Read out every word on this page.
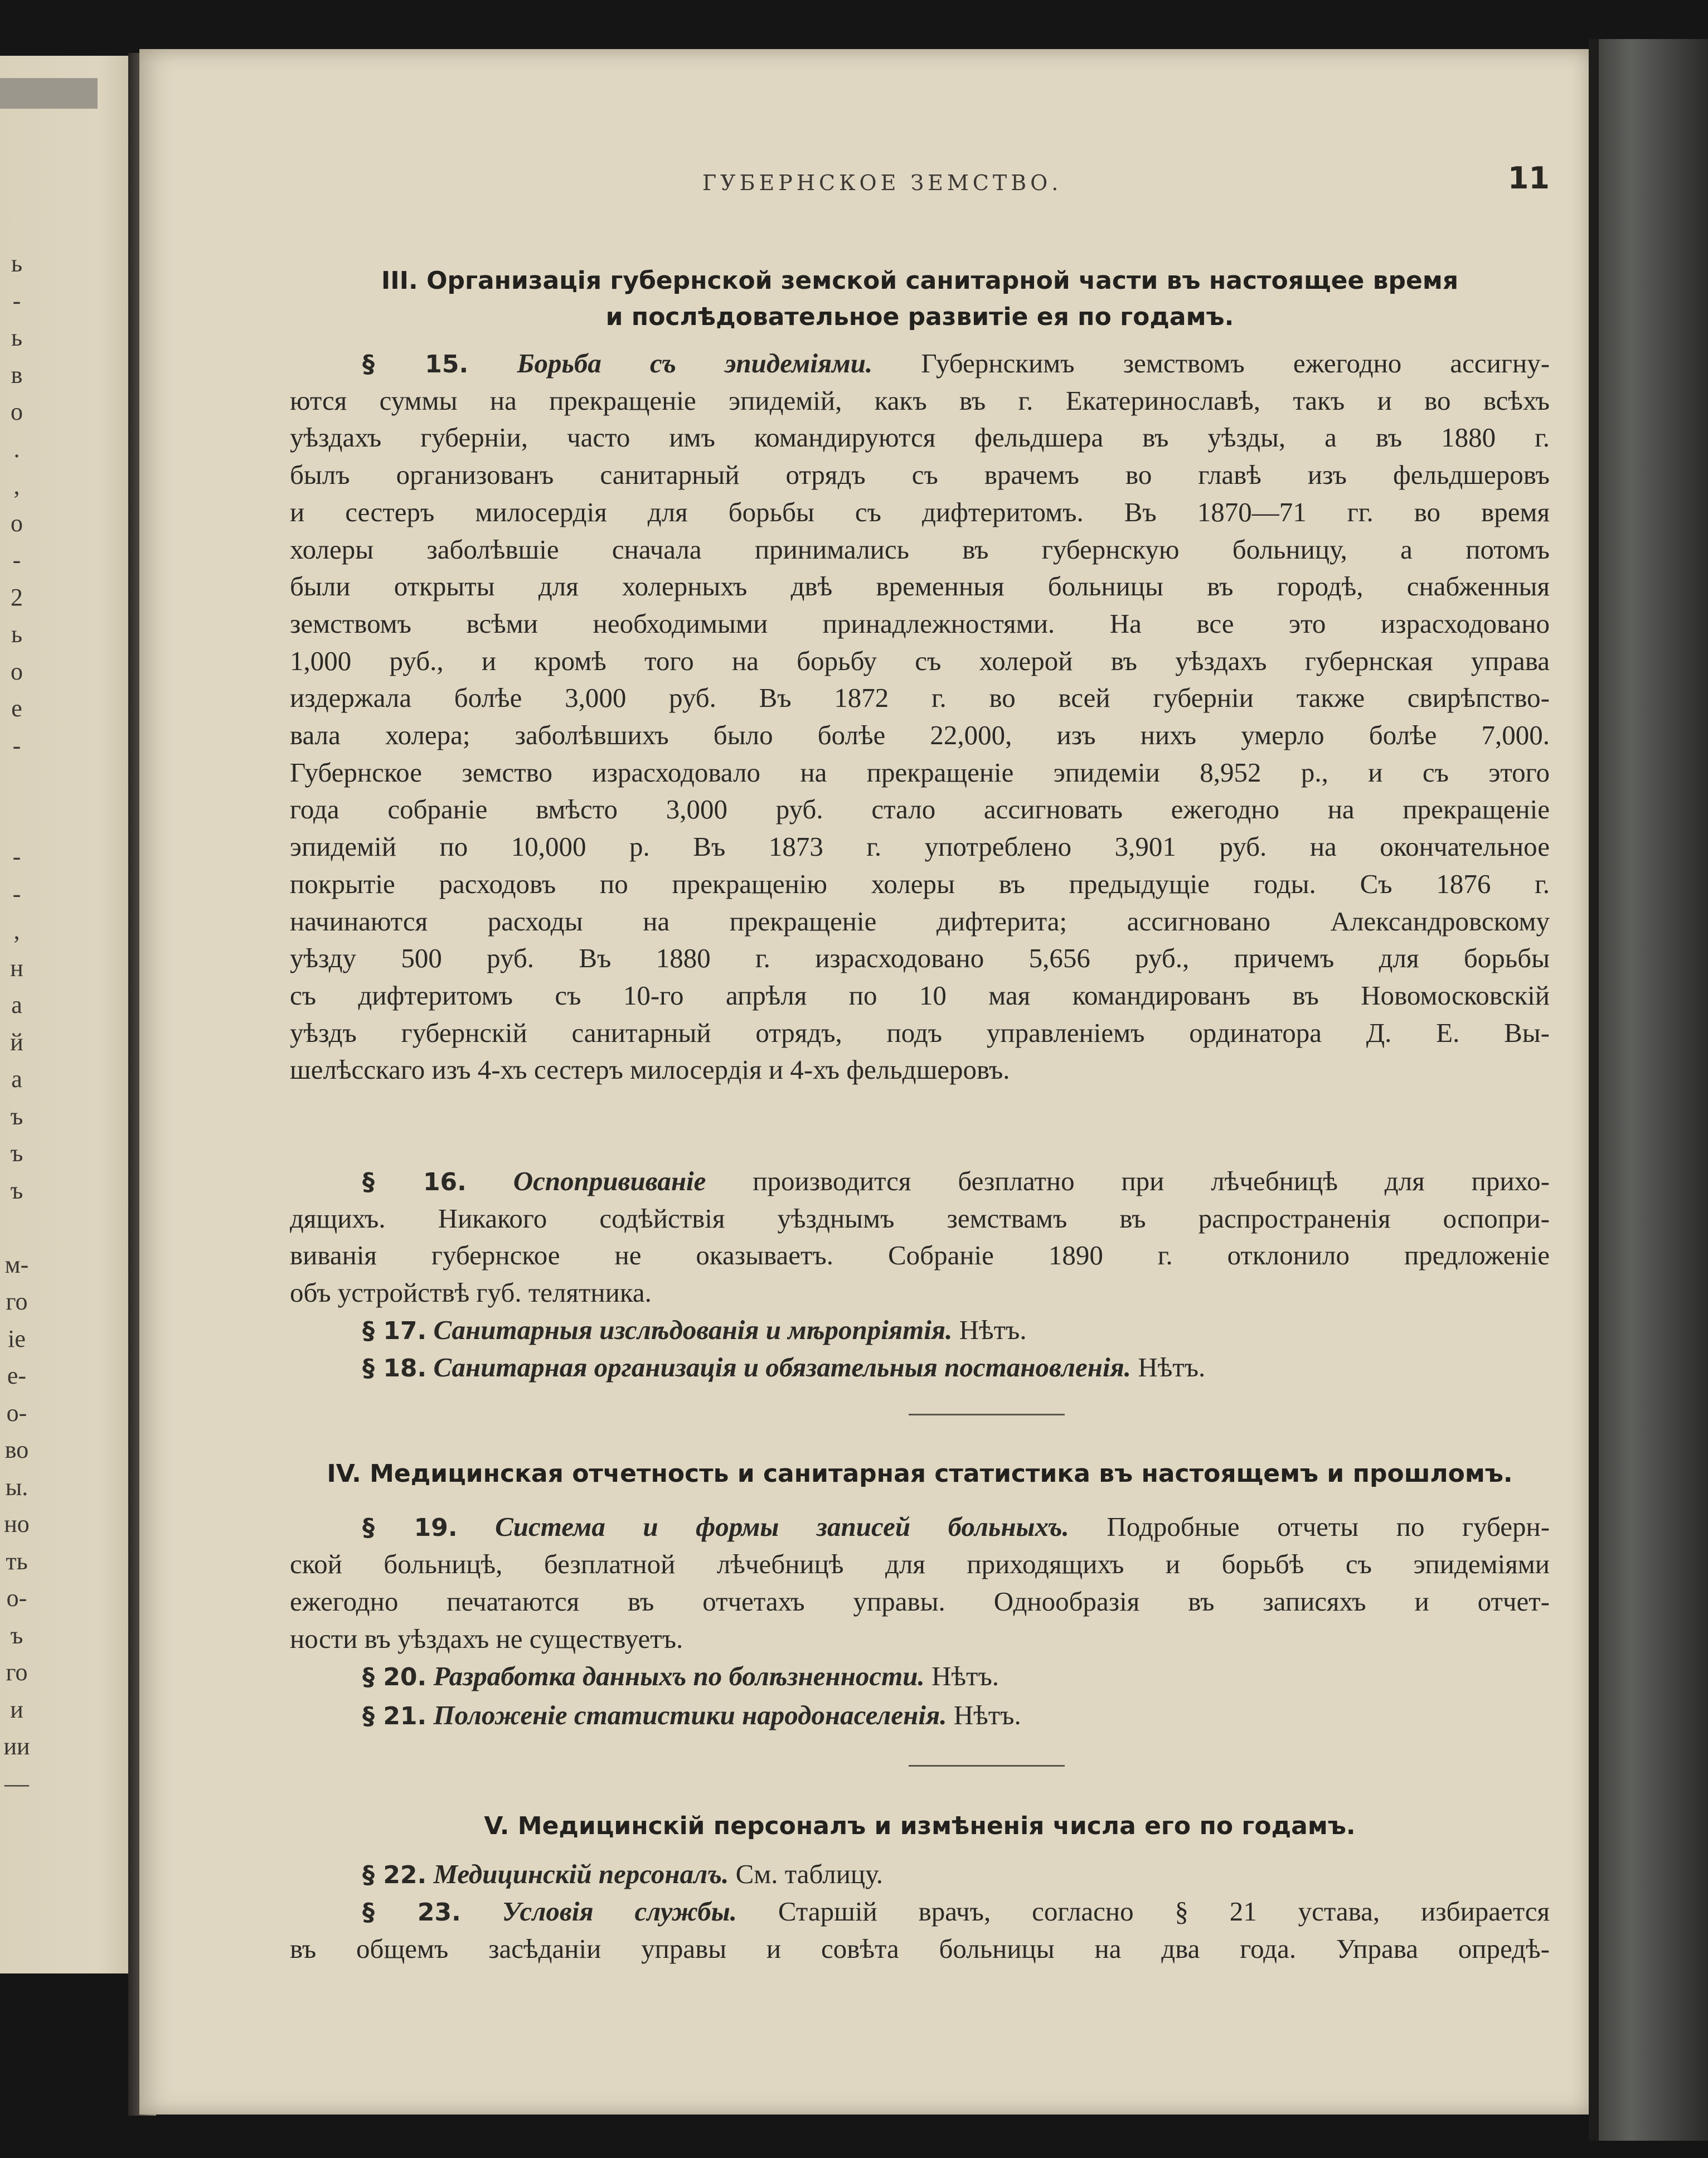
ь
-
ь
в
о
.
,
о
-
2
ь
о
е
-
-
-
,
н
а
й
а
ъ
ъ
ъ
м-
го
іе
е-
о-
во
ы.
но
ть
о-
ъ
го
и
ии
—
ГУБЕРНСКОЕ ЗЕМСТВО.	11
III. Организація губернской земской санитарной части въ настоящее время
и послѣдовательное развитіе ея по годамъ.
§ 15. Борьба съ эпидеміями. Губернскимъ земствомъ ежегодно ассигну-
ются суммы на прекращеніе эпидемій, какъ въ г. Екатеринославѣ, такъ и во всѣхъ
уѣздахъ губерніи, часто имъ командируются фельдшера въ уѣзды, а въ 1880 г.
былъ организованъ санитарный отрядъ съ врачемъ во главѣ изъ фельдшеровъ
и сестеръ милосердія для борьбы съ дифтеритомъ. Въ 1870—71 гг. во время
холеры заболѣвшіе сначала принимались въ губернскую больницу, а потомъ
были открыты для холерныхъ двѣ временныя больницы въ городѣ, снабженныя
земствомъ всѣми необходимыми принадлежностями. На все это израсходовано
1,000 руб., и кромѣ того на борьбу съ холерой въ уѣздахъ губернская управа
издержала болѣе 3,000 руб. Въ 1872 г. во всей губерніи также свирѣпство-
вала холера; заболѣвшихъ было болѣе 22,000, изъ нихъ умерло болѣе 7,000.
Губернское земство израсходовало на прекращеніе эпидеміи 8,952 р., и съ этого
года собраніе вмѣсто 3,000 руб. стало ассигновать ежегодно на прекращеніе
эпидемій по 10,000 р. Въ 1873 г. употреблено 3,901 руб. на окончательное
покрытіе расходовъ по прекращенію холеры въ предыдущіе годы. Съ 1876 г.
начинаются расходы на прекращеніе дифтерита; ассигновано Александровскому
уѣзду 500 руб. Въ 1880 г. израсходовано 5,656 руб., причемъ для борьбы
съ дифтеритомъ съ 10-го апрѣля по 10 мая командированъ въ Новомосковскій
уѣздъ губернскій санитарный отрядъ, подъ управленіемъ ординатора Д. Е. Вы-
шелѣсскаго изъ 4-хъ сестеръ милосердія и 4-хъ фельдшеровъ.
§ 16. Оспопрививаніе производится безплатно при лѣчебницѣ для прихо-
дящихъ. Никакого содѣйствія уѣзднымъ земствамъ въ распространенія оспопри-
виванія губернское не оказываетъ. Собраніе 1890 г. отклонило предложеніе
объ устройствѣ губ. телятника.
§ 17. Санитарныя изслѣдованія и мѣропріятія. Нѣтъ.
§ 18. Санитарная организація и обязательныя постановленія. Нѣтъ.
IV. Медицинская отчетность и санитарная статистика въ настоящемъ и прошломъ.
§ 19. Система и формы записей больныхъ. Подробные отчеты по губерн-
ской больницѣ, безплатной лѣчебницѣ для приходящихъ и борьбѣ съ эпидеміями
ежегодно печатаются въ отчетахъ управы. Однообразія въ записяхъ и отчет-
ности въ уѣздахъ не существуетъ.
§ 20. Разработка данныхъ по болѣзненности. Нѣтъ.
§ 21. Положеніе статистики народонаселенія. Нѣтъ.
V. Медицинскій персоналъ и измѣненія числа его по годамъ.
§ 22. Медицинскій персоналъ. См. таблицу.
§ 23. Условія службы. Старшій врачъ, согласно § 21 устава, избирается
въ общемъ засѣданіи управы и совѣта больницы на два года. Управа опредѣ-
